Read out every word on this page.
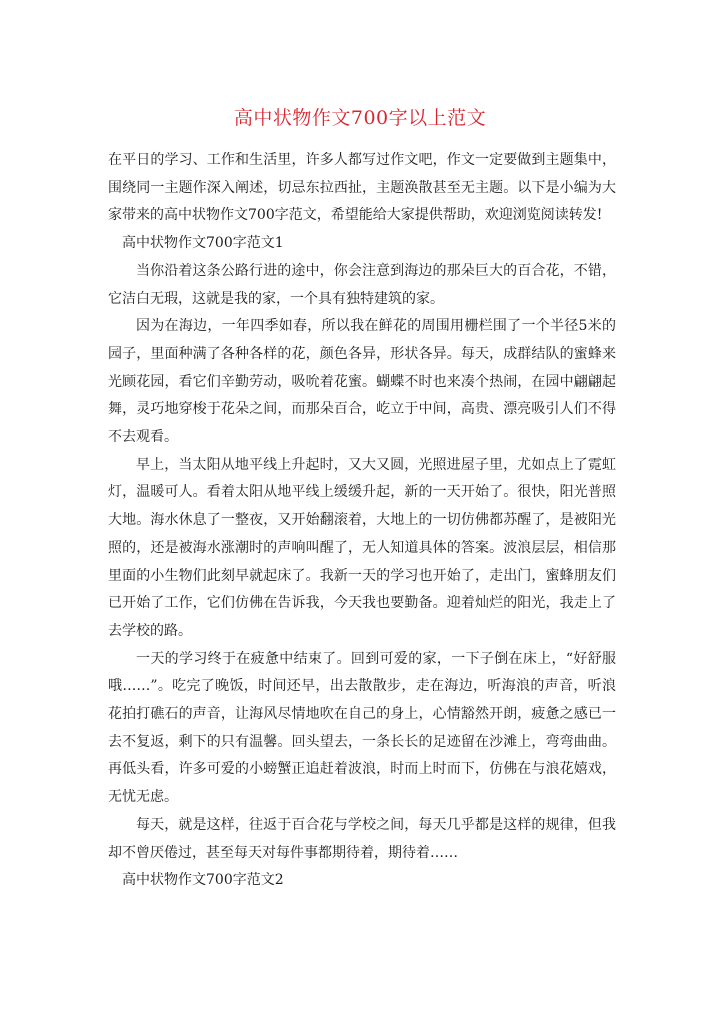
高中状物作文700字以上范文

在平日的学习、工作和生活里，许多人都写过作文吧，作文一定要做到主题集中，围绕同一主题作深入阐述，切忌东拉西扯，主题涣散甚至无主题。以下是小编为大家带来的高中状物作文700字范文，希望能给大家提供帮助，欢迎浏览阅读转发!

高中状物作文700字范文1

当你沿着这条公路行进的途中，你会注意到海边的那朵巨大的百合花，不错，它洁白无瑕，这就是我的家，一个具有独特建筑的家。

因为在海边，一年四季如春，所以我在鲜花的周围用栅栏围了一个半径5米的园子，里面种满了各种各样的花，颜色各异，形状各异。每天，成群结队的蜜蜂来光顾花园，看它们辛勤劳动，吸吮着花蜜。蝴蝶不时也来凑个热闹，在园中翩翩起舞，灵巧地穿梭于花朵之间，而那朵百合，屹立于中间，高贵、漂亮吸引人们不得不去观看。

早上，当太阳从地平线上升起时，又大又圆，光照进屋子里，尤如点上了霓虹灯，温暖可人。看着太阳从地平线上缓缓升起，新的一天开始了。很快，阳光普照大地。海水休息了一整夜，又开始翻滚着，大地上的一切仿佛都苏醒了，是被阳光照的，还是被海水涨潮时的声响叫醒了，无人知道具体的答案。波浪层层，相信那里面的小生物们此刻早就起床了。我新一天的学习也开始了，走出门，蜜蜂朋友们已开始了工作，它们仿佛在告诉我，今天我也要勤备。迎着灿烂的阳光，我走上了去学校的路。

一天的学习终于在疲惫中结束了。回到可爱的家，一下子倒在床上，“好舒服哦……”。吃完了晚饭，时间还早，出去散散步，走在海边，听海浪的声音，听浪花拍打礁石的声音，让海风尽情地吹在自己的身上，心情豁然开朗，疲惫之感已一去不复返，剩下的只有温馨。回头望去，一条长长的足迹留在沙滩上，弯弯曲曲。再低头看，许多可爱的小螃蟹正追赶着波浪，时而上时而下，仿佛在与浪花嬉戏，无忧无虑。

每天，就是这样，往返于百合花与学校之间，每天几乎都是这样的规律，但我却不曾厌倦过，甚至每天对每件事都期待着，期待着……

高中状物作文700字范文2
